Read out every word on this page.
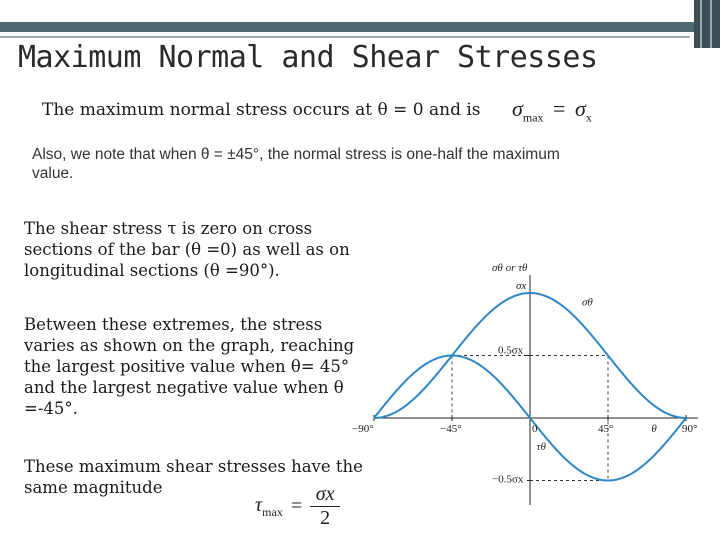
Maximum Normal and Shear Stresses
The maximum normal stress occurs at θ = 0 and is $\sigma_{max} = \sigma_x$
Also, we note that when θ = ±45°, the normal stress is one-half the maximum value.
The shear stress τ is zero on cross sections of the bar (θ =0) as well as on longitudinal sections (θ =90°).
Between these extremes, the stress varies as shown on the graph, reaching the largest positive value when θ= 45° and the largest negative value when θ =-45°.
These maximum shear stresses have the same magnitude
$\tau_{max} = \frac{\sigma x}{2}$
−90°	−45°	0	45°	90°
σx
0.5σx
−0.5σx
σθ or τθ
θ
σθ
τθ
